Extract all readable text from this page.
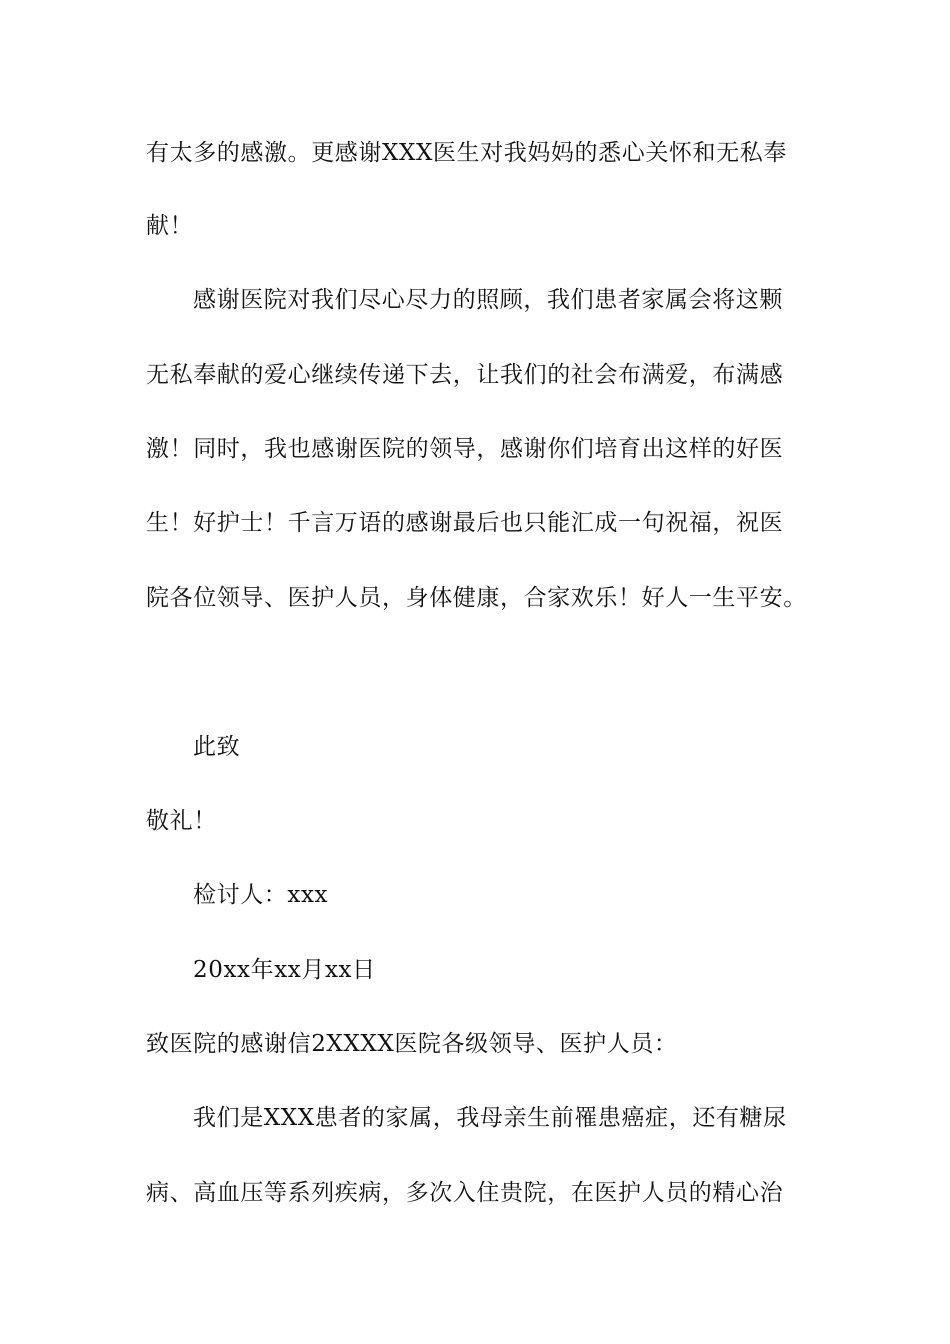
有太多的感激。更感谢XXX医生对我妈妈的悉心关怀和无私奉
献！
感谢医院对我们尽心尽力的照顾，我们患者家属会将这颗
无私奉献的爱心继续传递下去，让我们的社会布满爱，布满感
激！同时，我也感谢医院的领导，感谢你们培育出这样的好医
生！好护士！千言万语的感谢最后也只能汇成一句祝福，祝医
院各位领导、医护人员，身体健康，合家欢乐！好人一生平安。
此致
敬礼！
检讨人：xxx
20xx年xx月xx日
致医院的感谢信2XXXX医院各级领导、医护人员：
我们是XXX患者的家属，我母亲生前罹患癌症，还有糖尿
病、高血压等系列疾病，多次入住贵院，在医护人员的精心治
